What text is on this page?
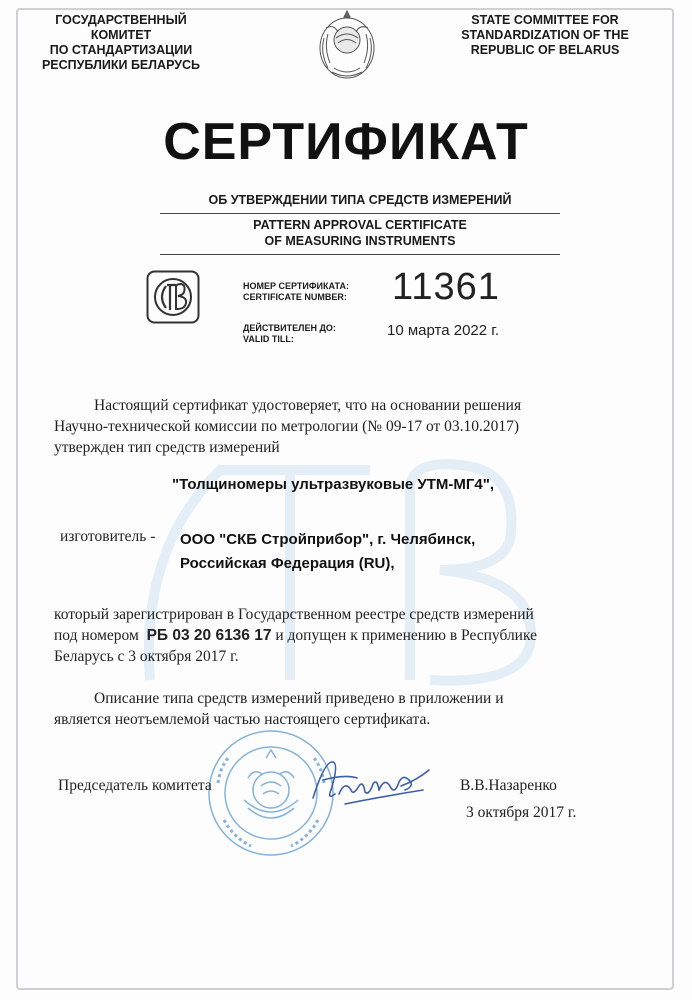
ГОСУДАРСТВЕННЫЙ КОМИТЕТ
ПО СТАНДАРТИЗАЦИИ
РЕСПУБЛИКИ БЕЛАРУСЬ
STATE COMMITTEE FOR
STANDARDIZATION OF THE
REPUBLIC OF BELARUS
СЕРТИФИКАТ
ОБ УТВЕРЖДЕНИИ ТИПА СРЕДСТВ ИЗМЕРЕНИЙ
PATTERN APPROVAL CERTIFICATE
OF MEASURING INSTRUMENTS
НОМЕР СЕРТИФИКАТА:
CERTIFICATE NUMBER: 11361
ДЕЙСТВИТЕЛЕН ДО:
VALID TILL:	10 марта 2022 г.
Настоящий сертификат удостоверяет, что на основании решения
Научно-технической комиссии по метрологии (№ 09-17 от 03.10.2017)
утвержден тип средств измерений
"Толщиномеры ультразвуковые УТМ-МГ4",
изготовитель - ООО "СКБ Стройприбор", г. Челябинск,
Российская Федерация (RU),
который зарегистрирован в Государственном реестре средств измерений
под номером РБ 03 20 6136 17 и допущен к применению в Республике
Беларусь с 3 октября 2017 г.
Описание типа средств измерений приведено в приложении и
является неотъемлемой частью настоящего сертификата.
Председатель комитета	В.В.Назаренко
3 октября 2017 г.
